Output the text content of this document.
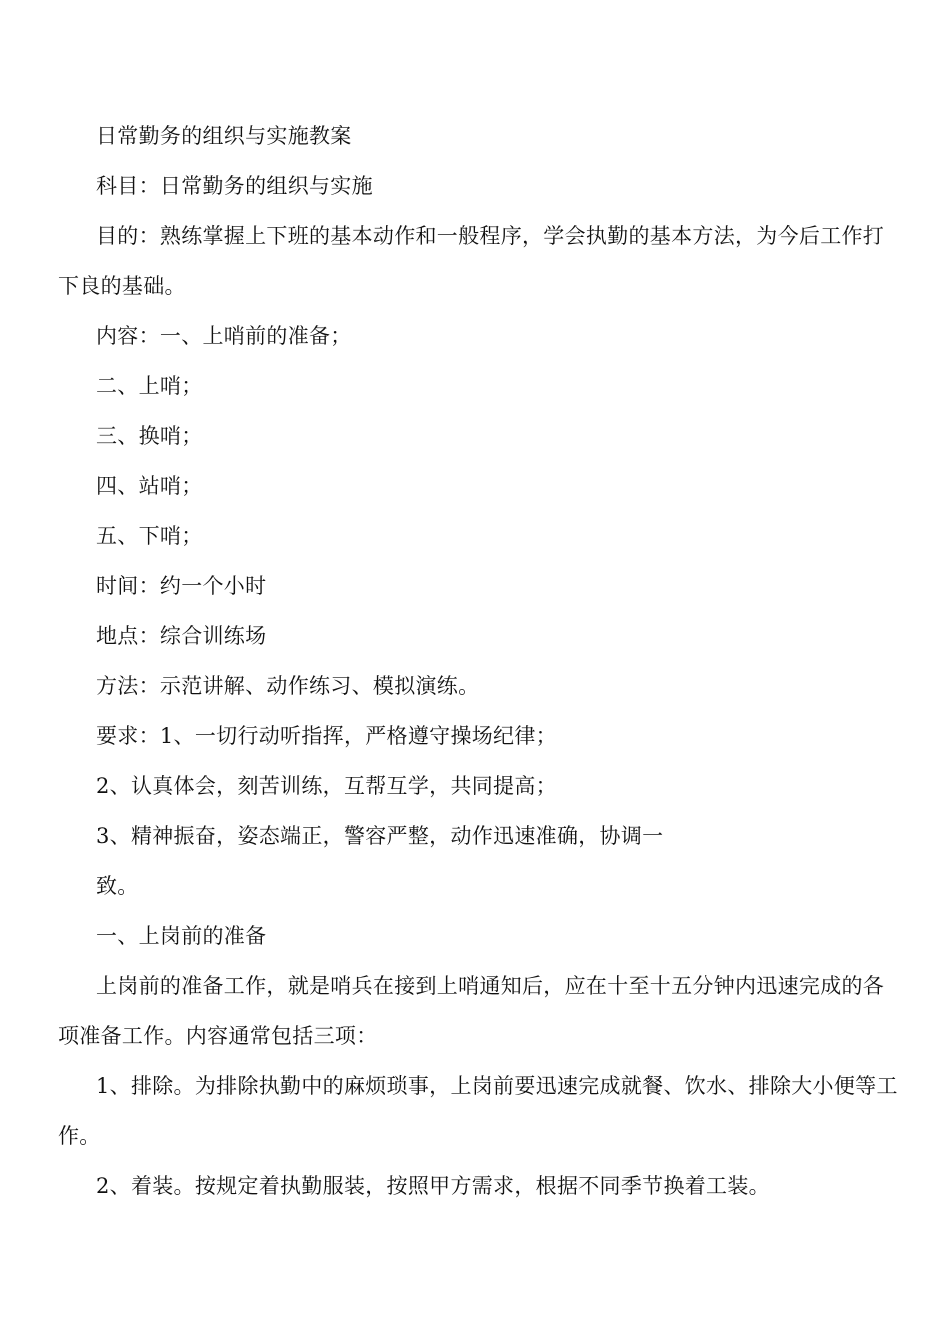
日常勤务的组织与实施教案
科目：日常勤务的组织与实施
目的：熟练掌握上下班的基本动作和一般程序，学会执勤的基本方法，为今后工作打
下良的基础。
内容：一、上哨前的准备；
二、上哨；
三、换哨；
四、站哨；
五、下哨；
时间：约一个小时
地点：综合训练场
方法：示范讲解、动作练习、模拟演练。
要求：1、一切行动听指挥，严格遵守操场纪律；
2、认真体会，刻苦训练，互帮互学，共同提高；
3、精神振奋，姿态端正，警容严整，动作迅速准确，协调一
致。
一、上岗前的准备
上岗前的准备工作，就是哨兵在接到上哨通知后，应在十至十五分钟内迅速完成的各
项准备工作。内容通常包括三项：
1、排除。为排除执勤中的麻烦琐事，上岗前要迅速完成就餐、饮水、排除大小便等工
作。
2、着装。按规定着执勤服装，按照甲方需求，根据不同季节换着工装。
